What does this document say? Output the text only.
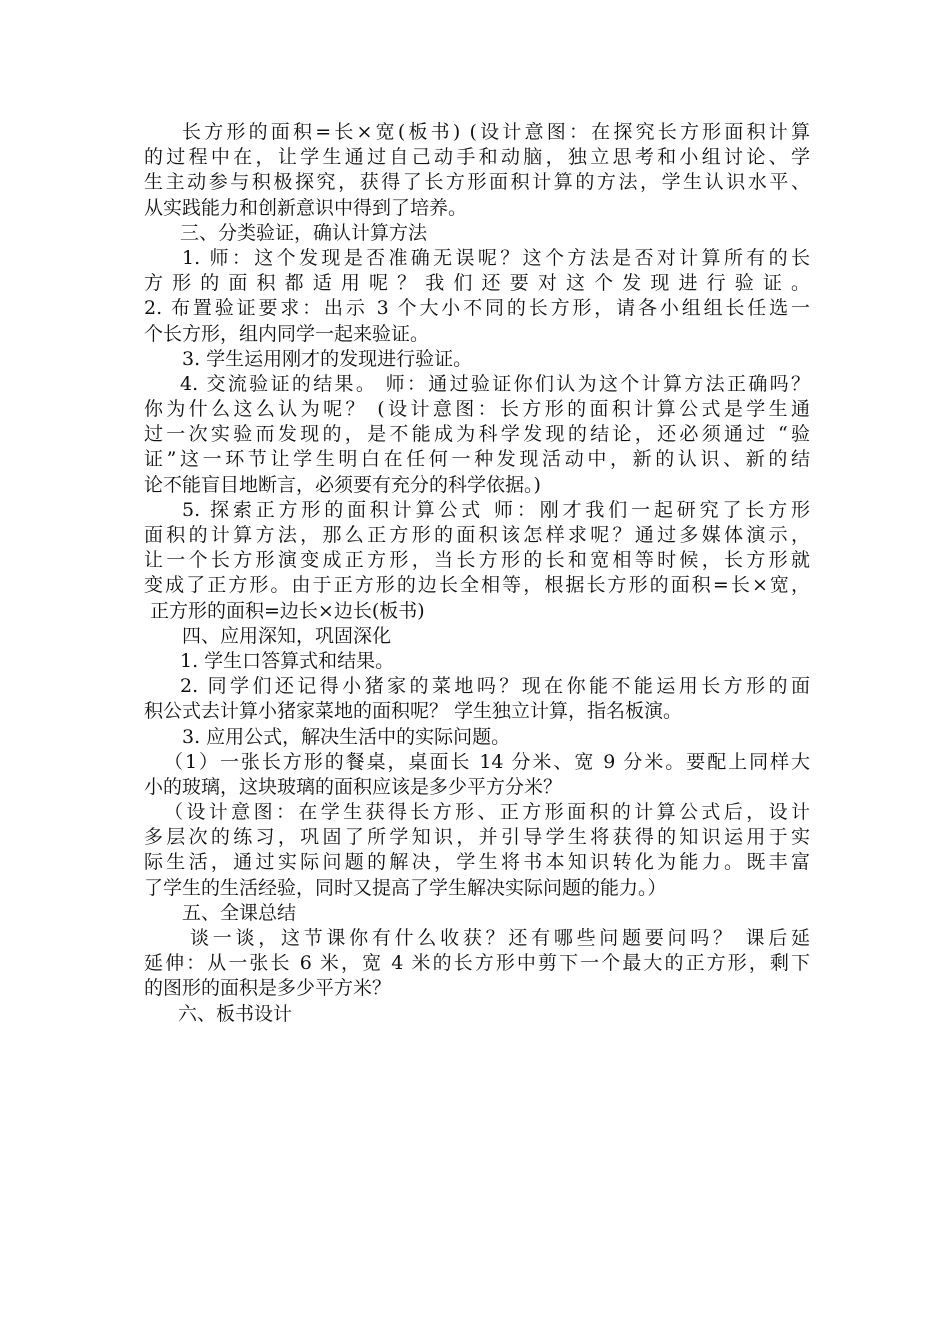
长方形的面积=长×宽(板书) (设计意图：在探究长方形面积计算
的过程中在，让学生通过自己动手和动脑，独立思考和小组讨论、学
生主动参与积极探究，获得了长方形面积计算的方法，学生认识水平、
从实践能力和创新意识中得到了培养。
三、分类验证，确认计算方法
1. 师：这个发现是否准确无误呢？这个方法是否对计算所有的长
方 形 的 面 积 都 适 用 呢 ？ 我 们 还 要 对 这 个 发 现 进 行 验 证 。
2. 布置验证要求：出示 3 个大小不同的长方形，请各小组组长任选一
个长方形，组内同学一起来验证。
3. 学生运用刚才的发现进行验证。
4. 交流验证的结果。 师：通过验证你们认为这个计算方法正确吗？
你为什么这么认为呢？ (设计意图：长方形的面积计算公式是学生通
过一次实验而发现的，是不能成为科学发现的结论，还必须通过 “验
证”这一环节让学生明白在任何一种发现活动中，新的认识、新的结
论不能盲目地断言，必须要有充分的科学依据。)
5. 探索正方形的面积计算公式 师：刚才我们一起研究了长方形
面积的计算方法，那么正方形的面积该怎样求呢？通过多媒体演示，
让一个长方形演变成正方形，当长方形的长和宽相等时候，长方形就
变成了正方形。由于正方形的边长全相等，根据长方形的面积=长×宽，
正方形的面积=边长×边长(板书)
四、应用深知，巩固深化
1. 学生口答算式和结果。
2. 同学们还记得小猪家的菜地吗？现在你能不能运用长方形的面
积公式去计算小猪家菜地的面积呢？ 学生独立计算，指名板演。
3. 应用公式，解决生活中的实际问题。
（1）一张长方形的餐桌，桌面长 14 分米、宽 9 分米。要配上同样大
小的玻璃，这块玻璃的面积应该是多少平方分米？
（设计意图：在学生获得长方形、正方形面积的计算公式后，设计
多层次的练习，巩固了所学知识，并引导学生将获得的知识运用于实
际生活，通过实际问题的解决，学生将书本知识转化为能力。既丰富
了学生的生活经验，同时又提高了学生解决实际问题的能力。）
五、全课总结
谈一谈，这节课你有什么收获？还有哪些问题要问吗？ 课后延
延伸：从一张长 6 米，宽 4 米的长方形中剪下一个最大的正方形，剩下
的图形的面积是多少平方米？
六、板书设计
